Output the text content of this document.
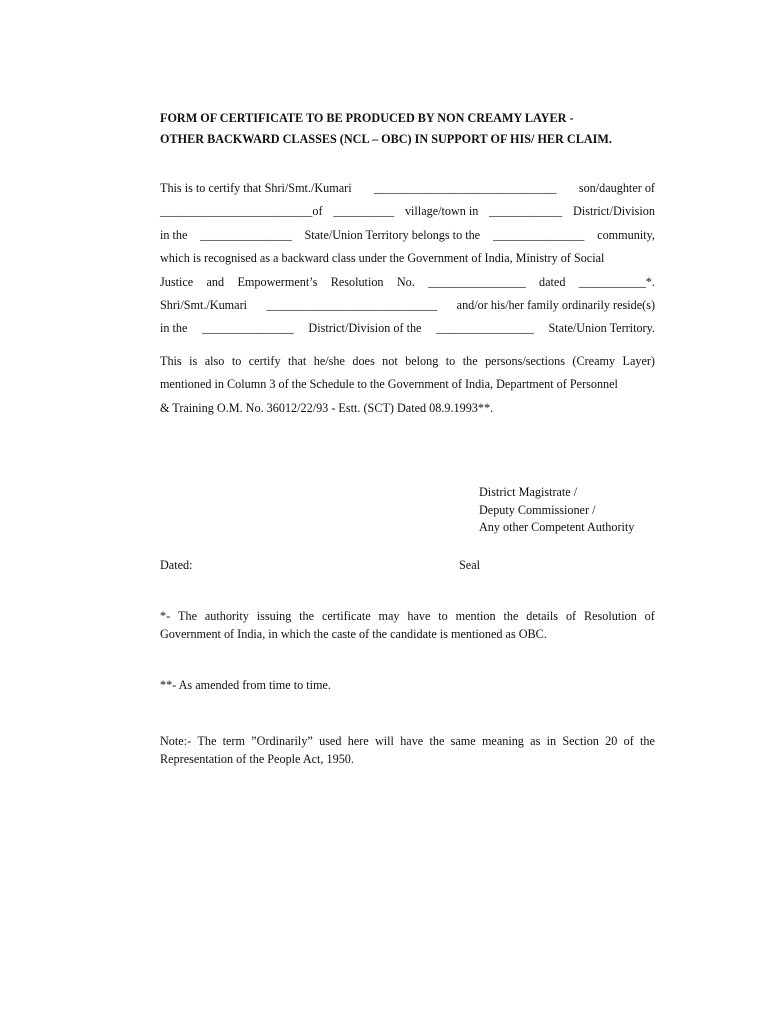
FORM OF CERTIFICATE TO BE PRODUCED BY NON CREAMY LAYER -
OTHER BACKWARD CLASSES (NCL – OBC) IN SUPPORT OF HIS/ HER CLAIM.
This is to certify that Shri/Smt./Kumari ______________________________ son/daughter of
_________________________of __________ village/town in ____________ District/Division
in the _______________ State/Union Territory belongs to the _______________ community,
which is recognised as a backward class under the Government of India, Ministry of Social
Justice and Empowerment’s Resolution No. ________________ dated ___________*.
Shri/Smt./Kumari ____________________________ and/or his/her family ordinarily reside(s)
in the _______________ District/Division of the ________________ State/Union Territory.
This is also to certify that he/she does not belong to the persons/sections (Creamy Layer)
mentioned in Column 3 of the Schedule to the Government of India, Department of Personnel
& Training O.M. No. 36012/22/93 - Estt. (SCT) Dated 08.9.1993**.
District Magistrate /
Deputy Commissioner /
Any other Competent Authority
Dated:	Seal
*- The authority issuing the certificate may have to mention the details of Resolution of
Government of India, in which the caste of the candidate is mentioned as OBC.
**- As amended from time to time.
Note:- The term ”Ordinarily” used here will have the same meaning as in Section 20 of the
Representation of the People Act, 1950.
